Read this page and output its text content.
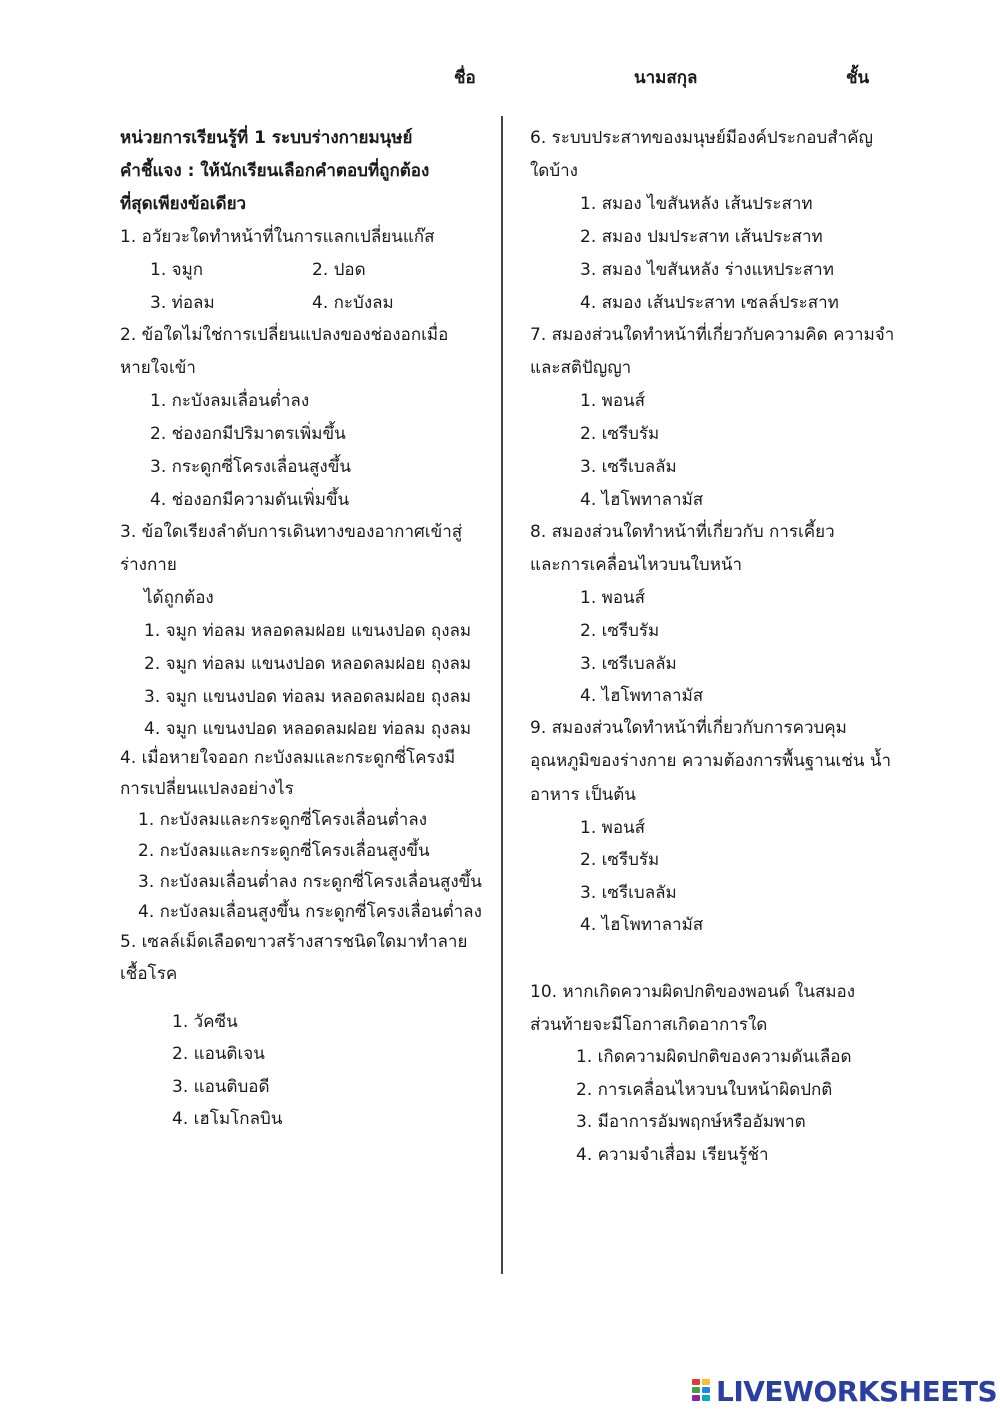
ชื่อ	นามสกุล	ชั้น
หน่วยการเรียนรู้ที่ 1 ระบบร่างกายมนุษย์
คำชี้แจง : ให้นักเรียนเลือกคำตอบที่ถูกต้อง
ที่สุดเพียงข้อเดียว
1. อวัยวะใดทำหน้าที่ในการแลกเปลี่ยนแก๊ส
1. จมูก	2. ปอด
3. ท่อลม	4. กะบังลม
2. ข้อใดไม่ใช่การเปลี่ยนแปลงของช่องอกเมื่อ
หายใจเข้า
1. กะบังลมเลื่อนต่ำลง
2. ช่องอกมีปริมาตรเพิ่มขึ้น
3. กระดูกซี่โครงเลื่อนสูงขึ้น
4. ช่องอกมีความดันเพิ่มขึ้น
3. ข้อใดเรียงลำดับการเดินทางของอากาศเข้าสู่
ร่างกาย
ได้ถูกต้อง
1. จมูก ท่อลม หลอดลมฝอย แขนงปอด ถุงลม
2. จมูก ท่อลม แขนงปอด หลอดลมฝอย ถุงลม
3. จมูก แขนงปอด ท่อลม หลอดลมฝอย ถุงลม
4. จมูก แขนงปอด หลอดลมฝอย ท่อลม ถุงลม
4. เมื่อหายใจออก กะบังลมและกระดูกซี่โครงมี
การเปลี่ยนแปลงอย่างไร
1. กะบังลมและกระดูกซี่โครงเลื่อนต่ำลง
2. กะบังลมและกระดูกซี่โครงเลื่อนสูงขึ้น
3. กะบังลมเลื่อนต่ำลง กระดูกซี่โครงเลื่อนสูงขึ้น
4. กะบังลมเลื่อนสูงขึ้น กระดูกซี่โครงเลื่อนต่ำลง
5. เซลล์เม็ดเลือดขาวสร้างสารชนิดใดมาทำลาย
เชื้อโรค
1. วัคซีน
2. แอนติเจน
3. แอนติบอดี
4. เฮโมโกลบิน
6. ระบบประสาทของมนุษย์มีองค์ประกอบสำคัญ
ใดบ้าง
1. สมอง ไขสันหลัง เส้นประสาท
2. สมอง ปมประสาท เส้นประสาท
3. สมอง ไขสันหลัง ร่างแหประสาท
4. สมอง เส้นประสาท เซลล์ประสาท
7. สมองส่วนใดทำหน้าที่เกี่ยวกับความคิด ความจำ
และสติปัญญา
1. พอนส์
2. เซรีบรัม
3. เซรีเบลลัม
4. ไฮโพทาลามัส
8. สมองส่วนใดทำหน้าที่เกี่ยวกับ การเคี้ยว
และการเคลื่อนไหวบนใบหน้า
1. พอนส์
2. เซรีบรัม
3. เซรีเบลลัม
4. ไฮโพทาลามัส
9. สมองส่วนใดทำหน้าที่เกี่ยวกับการควบคุม
อุณหภูมิของร่างกาย ความต้องการพื้นฐานเช่น น้ำ
อาหาร เป็นต้น
1. พอนส์
2. เซรีบรัม
3. เซรีเบลลัม
4. ไฮโพทาลามัส
10. หากเกิดความผิดปกติของพอนด์ ในสมอง
ส่วนท้ายจะมีโอกาสเกิดอาการใด
1. เกิดความผิดปกติของความดันเลือด
2. การเคลื่อนไหวบนใบหน้าผิดปกติ
3. มีอาการอัมพฤกษ์หรืออัมพาต
4. ความจำเสื่อม เรียนรู้ช้า
LIVEWORKSHEETS
